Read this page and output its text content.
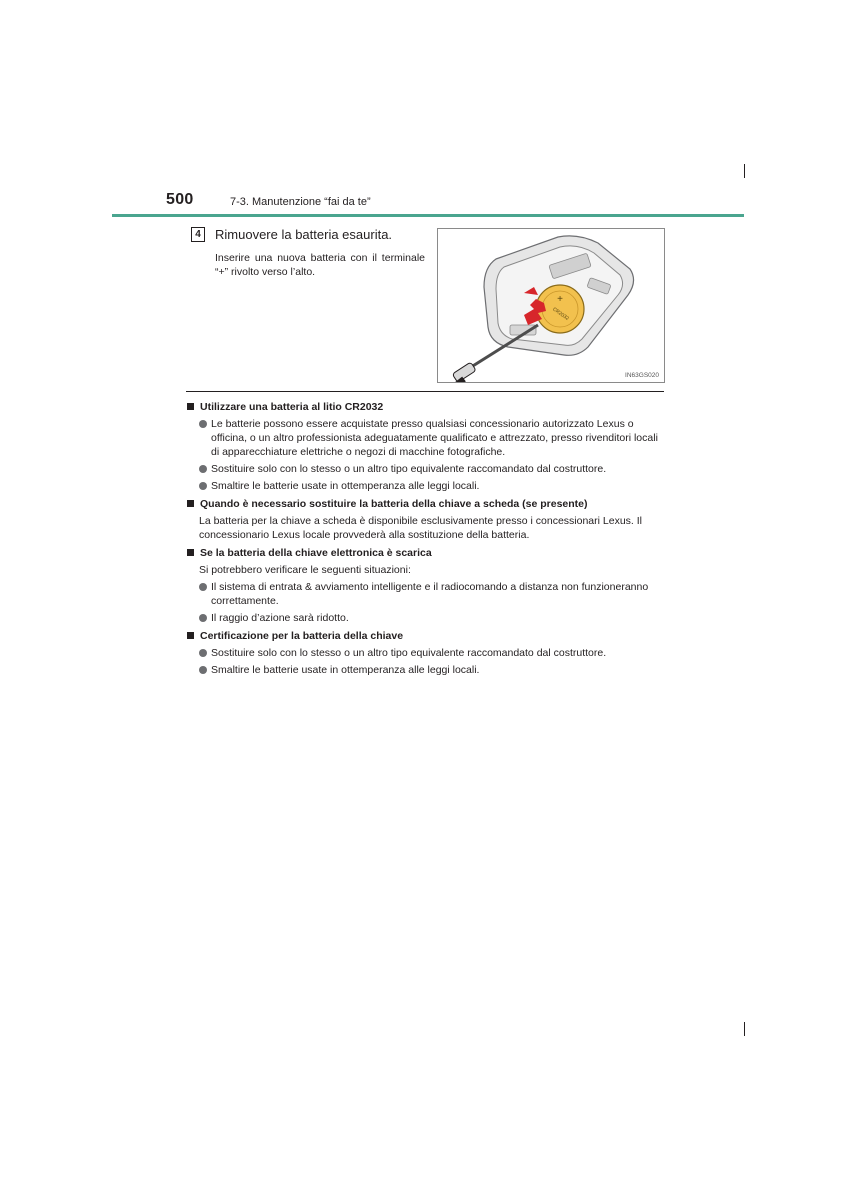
500	7-3. Manutenzione “fai da te”
4	Rimuovere la batteria esaurita.
Inserire una nuova batteria con il terminale “+” rivolto verso l’alto.
+
CR2032
IN63GS020
Utilizzare una batteria al litio CR2032
Le batterie possono essere acquistate presso qualsiasi concessionario autorizzato Lexus o officina, o un altro professionista adeguatamente qualificato e attrezzato, presso rivenditori locali di apparecchiature elettriche o negozi di macchine fotografiche.
Sostituire solo con lo stesso o un altro tipo equivalente raccomandato dal costruttore.
Smaltire le batterie usate in ottemperanza alle leggi locali.
Quando è necessario sostituire la batteria della chiave a scheda (se presente)
La batteria per la chiave a scheda è disponibile esclusivamente presso i concessionari Lexus. Il concessionario Lexus locale provvederà alla sostituzione della batteria.
Se la batteria della chiave elettronica è scarica
Si potrebbero verificare le seguenti situazioni:
Il sistema di entrata & avviamento intelligente e il radiocomando a distanza non funzioneranno correttamente.
Il raggio d’azione sarà ridotto.
Certificazione per la batteria della chiave
Sostituire solo con lo stesso o un altro tipo equivalente raccomandato dal costruttore.
Smaltire le batterie usate in ottemperanza alle leggi locali.
